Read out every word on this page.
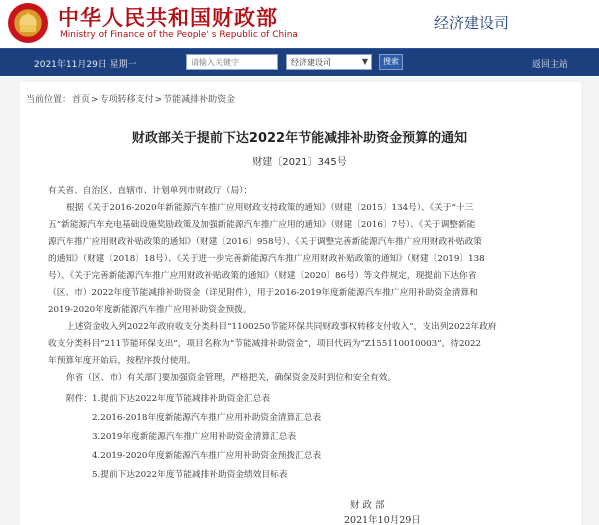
★ 中华人民共和国财政部
Ministry of Finance of the People' s Republic of China
经济建设司
2021年11月29日 星期一
请输入关键字	经济建设司	▼	搜索	返回主站
当前位置：首页>专项转移支付>节能减排补助资金
财政部关于提前下达2022年节能减排补助资金预算的通知
财建〔2021〕345号
有关省、自治区、直辖市、计划单列市财政厅（局）：
根据《关于2016-2020年新能源汽车推广应用财政支持政策的通知》（财建〔2015〕134号）、《关于“十三
五”新能源汽车充电基础设施奖励政策及加强新能源汽车推广应用的通知》（财建〔2016〕7号）、《关于调整新能
源汽车推广应用财政补贴政策的通知》（财建〔2016〕958号）、《关于调整完善新能源汽车推广应用财政补贴政策
的通知》（财建〔2018〕18号）、《关于进一步完善新能源汽车推广应用财政补贴政策的通知》（财建〔2019〕138
号）、《关于完善新能源汽车推广应用财政补贴政策的通知》（财建〔2020〕86号）等文件规定，现提前下达你省
（区、市）2022年度节能减排补助资金（详见附件），用于2016-2019年度新能源汽车推广应用补助资金清算和
2019-2020年度新能源汽车推广应用补助资金预拨。
上述资金收入列2022年政府收支分类科目“1100250节能环保共同财政事权转移支付收入”，支出列2022年政府
收支分类科目“211节能环保支出”，项目名称为“节能减排补助资金”，项目代码为“Z155110010003”，待2022
年预算年度开始后，按程序拨付使用。
你省（区、市）有关部门要加强资金管理，严格把关，确保资金及时到位和安全有效。
附件： 1.提前下达2022年度节能减排补助资金汇总表
2.2016-2018年度新能源汽车推广应用补助资金清算汇总表
3.2019年度新能源汽车推广应用补助资金清算汇总表
4.2019-2020年度新能源汽车推广应用补助资金预拨汇总表
5.提前下达2022年度节能减排补助资金绩效目标表
财 政 部
2021年10月29日
